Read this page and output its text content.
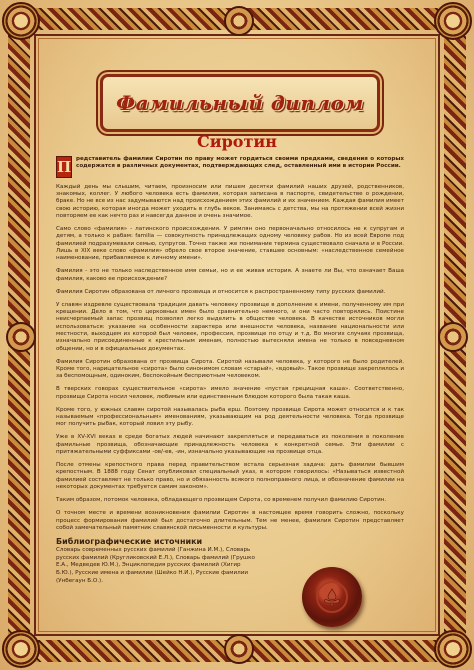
Фамильный диплом
Сиротин

П редставитель фамилии Сиротин по праву может гордиться своими предками, сведения о которых содержатся в различных документах, подтверждающих след, оставленный ими в истории России.

Каждый день мы слышим, читаем, произносим или пишем десятки фамилий наших друзей, родственников, знакомых, коллег. У любого человека есть фамилия, которая записана в паспорте, свидетельстве о рождении, браке. Но не все из нас задумываются над происхождением этих фамилий и их значением. Каждая фамилия имеет свою историю, которая иногда может уходить в глубь веков. Занимаясь с детства, мы на протяжении всей жизни повторяем ее как нечто раз и навсегда данное и очень значимое.

Само слово «фамилия» - латинского происхождения. У римлян оно первоначально относилось не к супругам и детям, а только к рабам: familia — совокупность принадлежащих одному человеку рабов. Но из всей Европе под фамилией подразумевали семью, супругов. Точно также же понимание термина существовало сначала и в России. Лишь в XIX веке слово «фамилия» обрело свое второе значение, ставшее основным: «наследственное семейное наименование, прибавляемое к личному имени».

Фамилия - это не только наследственное имя семьи, но и ее живая история. А знаете ли Вы, что означает Ваша фамилия, каково ее происхождение?

Фамилия Сиротин образована от личного прозвища и относится к распространенному типу русских фамилий.

У славян издревле существовала традиция давать человеку прозвище в дополнение к имени, полученному им при крещении. Дело в том, что церковных имен было сравнительно немного, и они часто повторялись. Поистине неисчерпаемый запас прозвищ позволял легко выделить в обществе человека. В качестве источников могли использоваться: указание на особенности характера или внешности человека, название национальности или местности, выходцем из которой был человек, профессия, прозвище по отцу и т.д. Во многих случаях прозвища, изначально присоединенные к крестильным именам, полностью вытесняли имена не только в повседневном общении, но и в официальных документах.

Фамилия Сиротин образована от прозвища Сирота. Сиротой называли человека, у которого не было родителей. Кроме того, нарицательное «сирота» было синонимом словам «старый», «вдовый». Такое прозвище закреплялось и за беспомощным, одиноким, беспокойным бесприютным человеком.

В тверских говорах существительное «сирота» имело значение «пустая грецищная каша». Соответственно, прозвище Сирота носил человек, любимым или единственным блюдом которого была такая каша.

Кроме того, у южных славян сиротой называлась рыба ерш. Поэтому прозвище Сирота может относится и к так называемым «профессиональным» именованиям, указывающим на род деятельности человека. Тогда прозвище мог получить рыбак, который ловил эту рыбу.

Уже в XV-XVI веках в среде богатых людей начинают закрепляться и передаваться из поколения в поколение фамильные прозвища, обозначающие принадлежность человека к конкретной семье. Эти фамилии с притяжательными суффиксами -ов/-ев, -ин, изначально указывающие на прозвище отца.

После отмены крепостного права перед правительством встала серьезная задача: дать фамилии бывшим крепостным. В 1888 году Сенат опубликовал специальный указ, в котором говорилось: «Называться известной фамилией составляет не только право, но и обязанность всякого полноправного лица, и обозначение фамилии на некоторых документах требуется самим законом».

Таким образом, потомок человека, обладающего прозвищем Сирота, со временем получил фамилию Сиротин.

О точном месте и времени возникновения фамилии Сиротин в настоящее время говорить сложно, поскольку процесс формирования фамилий был достаточно длительным. Тем не менее, фамилия Сиротин представляет собой замечательный памятник славянской письменности и культуры.

Библиографические источники
Словарь современных русских фамилий (Ганжина И.М.), Словарь русских фамилий (Кругликовский Е.Л.), Словарь фамилий (Грушко Е.А., Медведев Ю.М.), Энциклопедия русских фамилий (Хигир Б.Ю.), Русские имена и фамилии (Шейко Н.И.), Русские фамилии (Унбегаун Б.О.).
